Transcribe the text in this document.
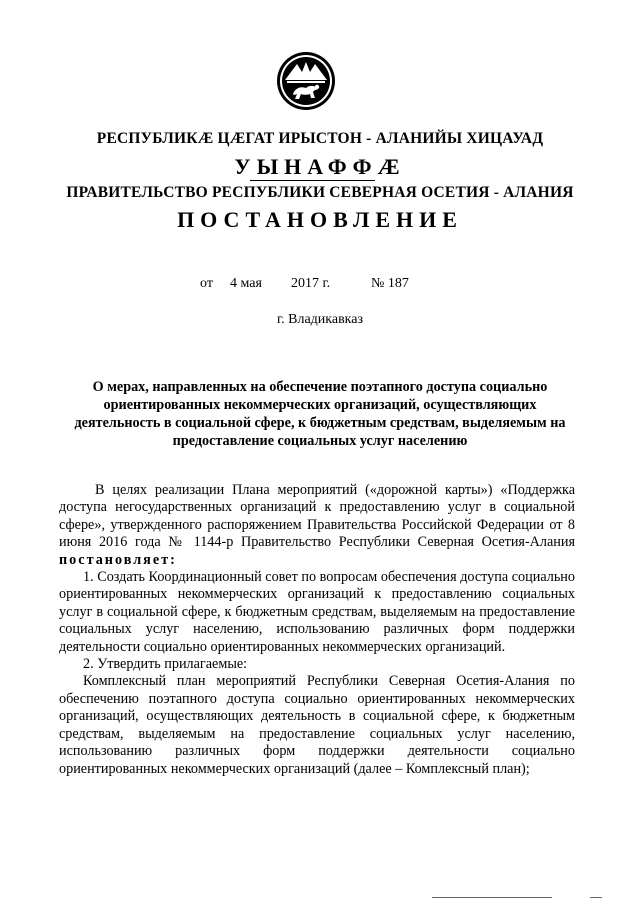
РЕСПУБЛИКӔ ЦӔГАТ ИРЫСТОН - АЛАНИЙЫ ХИЦАУАД
УЫНАФФӔ
ПРАВИТЕЛЬСТВО РЕСПУБЛИКИ СЕВЕРНАЯ ОСЕТИЯ - АЛАНИЯ
ПОСТАНОВЛЕНИЕ
от 4 мая 2017 г.	№ 187
г. Владикавказ
О мерах, направленных на обеспечение поэтапного доступа социально ориентированных некоммерческих организаций, осуществляющих деятельность в социальной сфере, к бюджетным средствам, выделяемым на предоставление социальных услуг населению

В целях реализации Плана мероприятий («дорожной карты») «Поддержка доступа негосударственных организаций к предоставлению услуг в социальной сфере», утвержденного распоряжением Правительства Российской Федерации от 8 июня 2016 года № 1144-р Правительство Республики Северная Осетия-Алания постановляет:

1. Создать Координационный совет по вопросам обеспечения доступа социально ориентированных некоммерческих организаций к предоставлению социальных услуг в социальной сфере, к бюджетным средствам, выделяемым на предоставление социальных услуг населению, использованию различных форм поддержки деятельности социально ориентированных некоммерческих организаций.

2. Утвердить прилагаемые:

Комплексный план мероприятий Республики Северная Осетия-Алания по обеспечению поэтапного доступа социально ориентированных некоммерческих организаций, осуществляющих деятельность в социальной сфере, к бюджетным средствам, выделяемым на предоставление социальных услуг населению, использованию различных форм поддержки деятельности социально ориентированных некоммерческих организаций (далее – Комплексный план);
